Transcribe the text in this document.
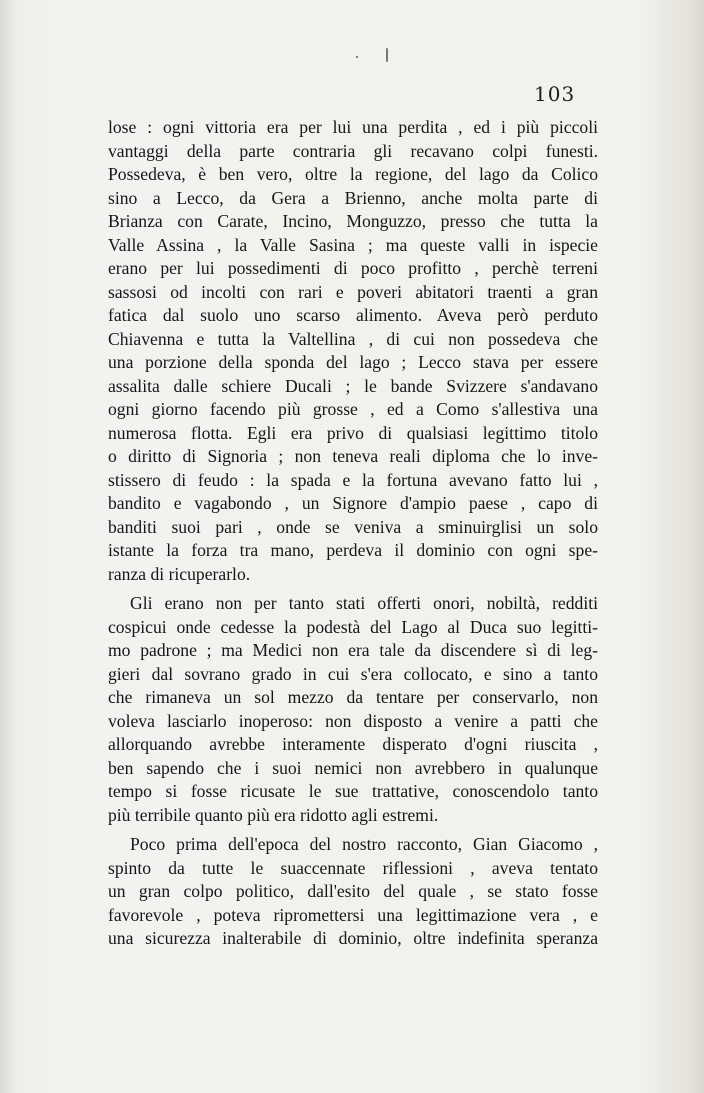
103
lose : ogni vittoria era per lui una perdita , ed i più piccoli
vantaggi della parte contraria gli recavano colpi funesti.
Possedeva, è ben vero, oltre la regione, del lago da Colico
sino a Lecco, da Gera a Brienno, anche molta parte di
Brianza con Carate, Incino, Monguzzo, presso che tutta la
Valle Assina , la Valle Sasina ; ma queste valli in ispecie
erano per lui possedimenti di poco profitto , perchè terreni
sassosi od incolti con rari e poveri abitatori traenti a gran
fatica dal suolo uno scarso alimento. Aveva però perduto
Chiavenna e tutta la Valtellina , di cui non possedeva che
una porzione della sponda del lago ; Lecco stava per essere
assalita dalle schiere Ducali ; le bande Svizzere s'andavano
ogni giorno facendo più grosse , ed a Como s'allestiva una
numerosa flotta. Egli era privo di qualsiasi legittimo titolo
o diritto di Signoria ; non teneva reali diploma che lo inve-
stissero di feudo : la spada e la fortuna avevano fatto lui ,
bandito e vagabondo , un Signore d'ampio paese , capo di
banditi suoi pari , onde se veniva a sminuirglisi un solo
istante la forza tra mano, perdeva il dominio con ogni spe-
ranza di ricuperarlo.
Gli erano non per tanto stati offerti onori, nobiltà, redditi
cospicui onde cedesse la podestà del Lago al Duca suo legitti-
mo padrone ; ma Medici non era tale da discendere sì di leg-
gieri dal sovrano grado in cui s'era collocato, e sino a tanto
che rimaneva un sol mezzo da tentare per conservarlo, non
voleva lasciarlo inoperoso: non disposto a venire a patti che
allorquando avrebbe interamente disperato d'ogni riuscita ,
ben sapendo che i suoi nemici non avrebbero in qualunque
tempo si fosse ricusate le sue trattative, conoscendolo tanto
più terribile quanto più era ridotto agli estremi.
Poco prima dell'epoca del nostro racconto, Gian Giacomo ,
spinto da tutte le suaccennate riflessioni , aveva tentato
un gran colpo politico, dall'esito del quale , se stato fosse
favorevole , poteva ripromettersi una legittimazione vera , e
una sicurezza inalterabile di dominio, oltre indefinita speranza
